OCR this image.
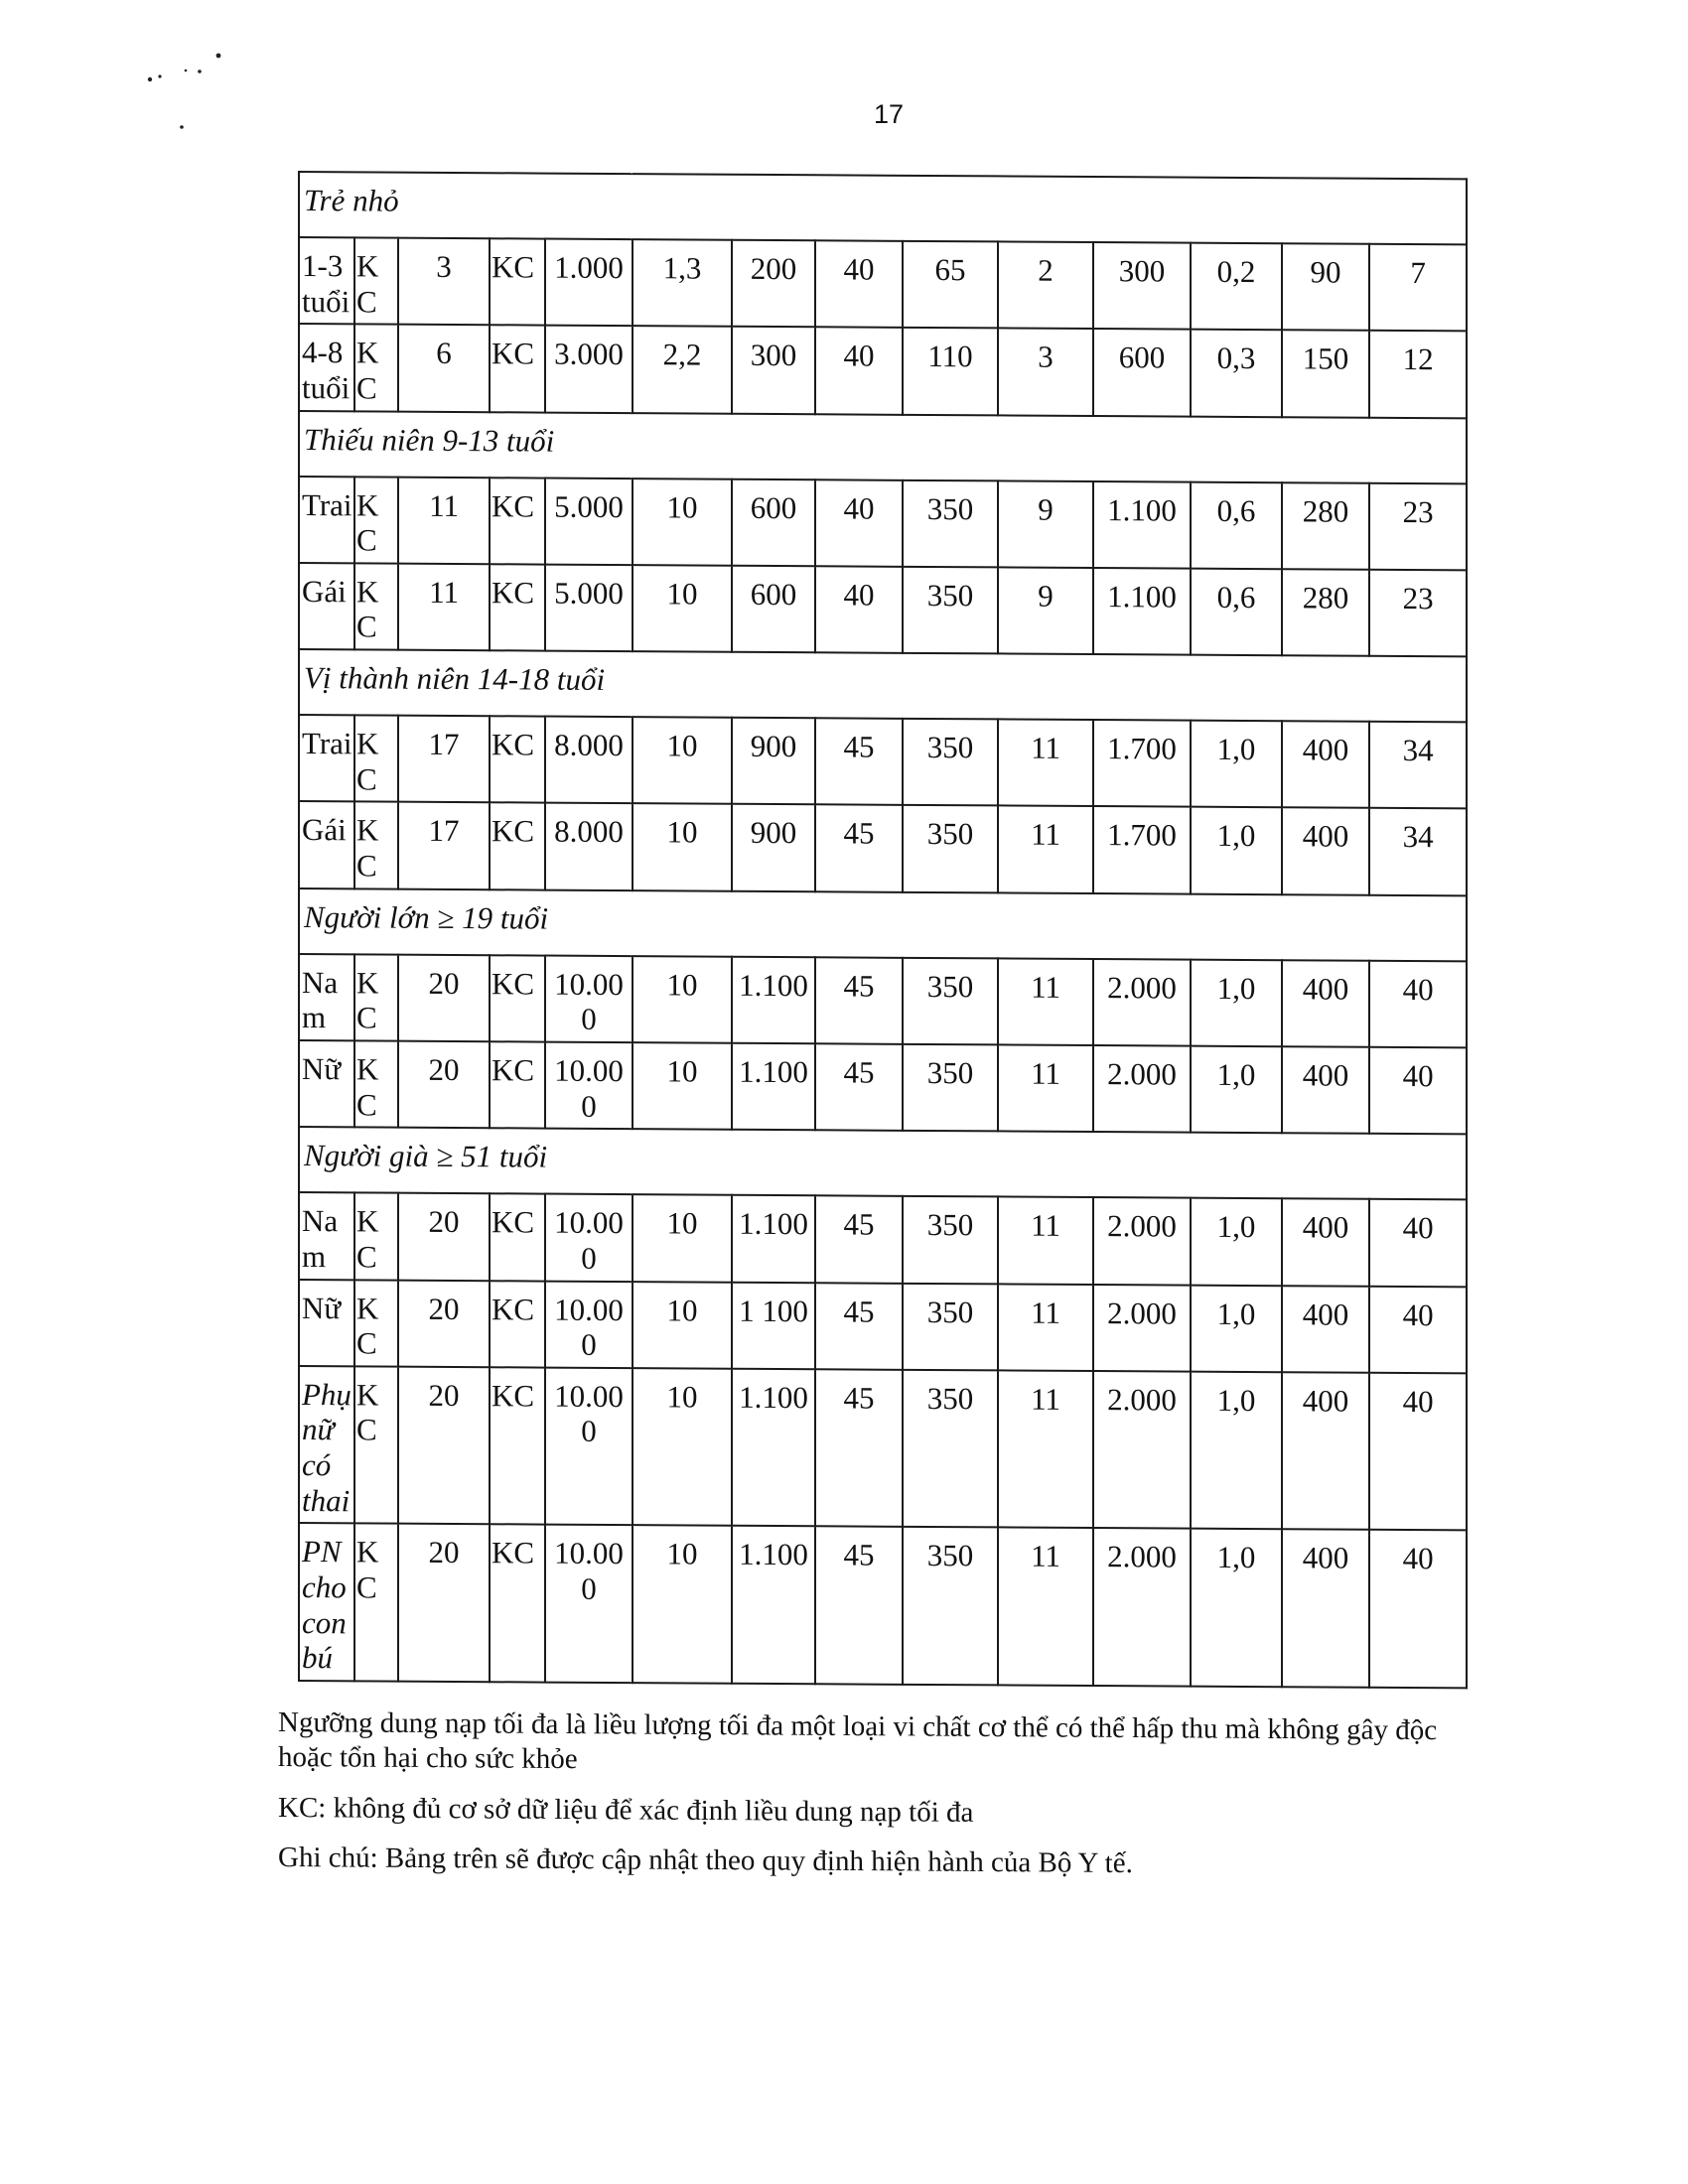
17
Trẻ nhỏ													
1-3 tuổi	KC	3	KC	1.000	1,3	200	40	65	2	300	0,2	90	7
4-8 tuổi	KC	6	KC	3.000	2,2	300	40	110	3	600	0,3	150	12
Thiếu niên 9-13 tuổi													
Trai	KC	11	KC	5.000	10	600	40	350	9	1.100	0,6	280	23
Gái	KC	11	KC	5.000	10	600	40	350	9	1.100	0,6	280	23
Vị thành niên 14-18 tuổi													
Trai	KC	17	KC	8.000	10	900	45	350	11	1.700	1,0	400	34
Gái	KC	17	KC	8.000	10	900	45	350	11	1.700	1,0	400	34
Người lớn ≥ 19 tuổi													
Na m	KC	20	KC	10.000	10	1.100	45	350	11	2.000	1,0	400	40
Nữ	KC	20	KC	10.000	10	1.100	45	350	11	2.000	1,0	400	40
Người già ≥ 51 tuổi													
Na m	KC	20	KC	10.000	10	1.100	45	350	11	2.000	1,0	400	40
Nữ	KC	20	KC	10.000	10	1 100	45	350	11	2.000	1,0	400	40
Phụ nữ có thai	KC	20	KC	10.000	10	1.100	45	350	11	2.000	1,0	400	40
PN cho con bú	KC	20	KC	10.000	10	1.100	45	350	11	2.000	1,0	400	40

Ngưỡng dung nạp tối đa là liều lượng tối đa một loại vi chất cơ thể có thể hấp thu mà không gây độc hoặc tổn hại cho sức khỏe

KC: không đủ cơ sở dữ liệu để xác định liều dung nạp tối đa

Ghi chú: Bảng trên sẽ được cập nhật theo quy định hiện hành của Bộ Y tế.
